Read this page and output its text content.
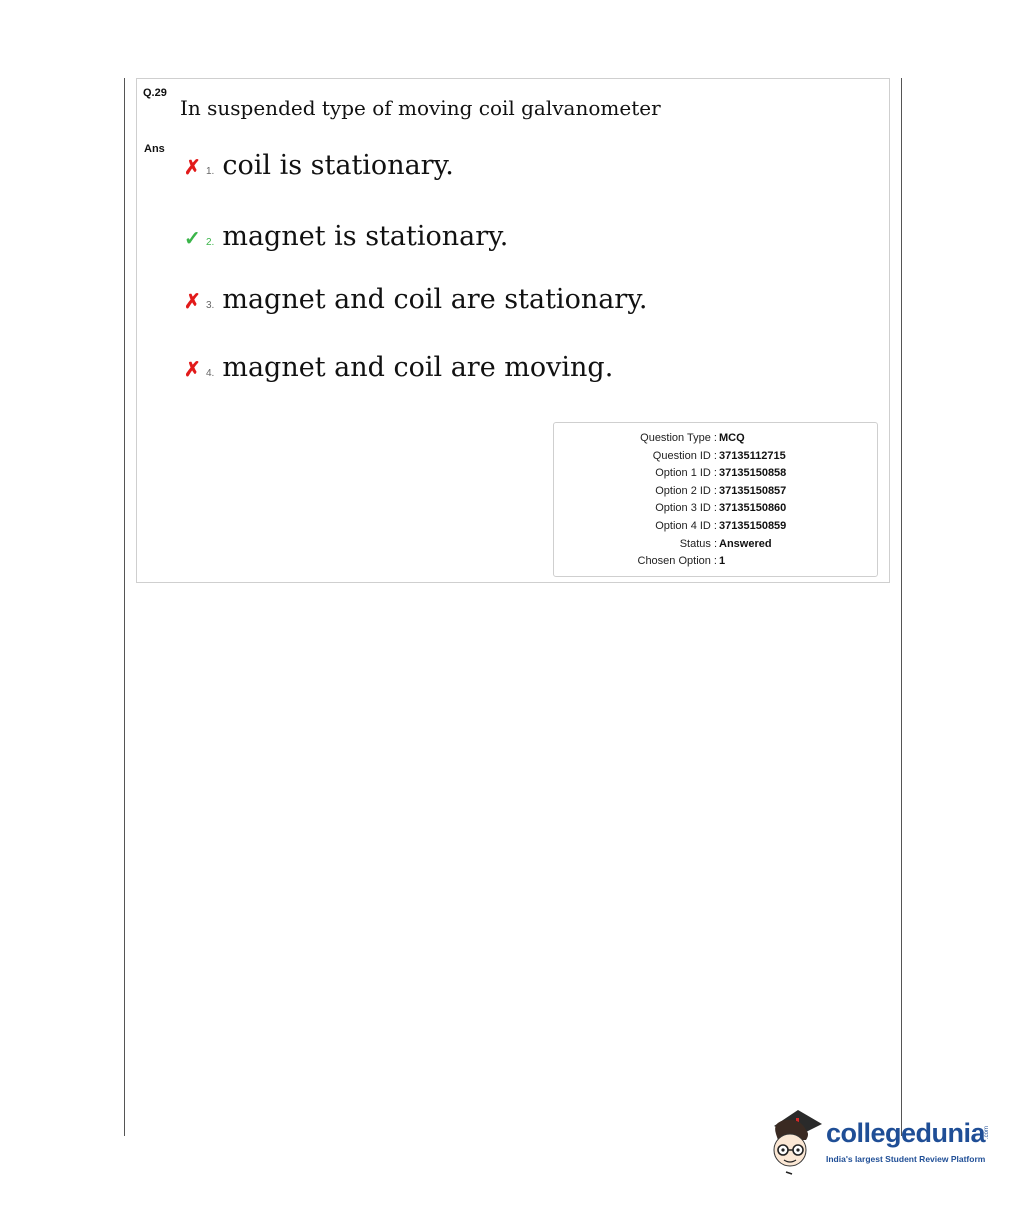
Q.29
In suspended type of moving coil galvanometer
Ans
✗ 1. coil is stationary.
✓ 2. magnet is stationary.
✗ 3. magnet and coil are stationary.
✗ 4. magnet and coil are moving.
Question Type : MCQ
Question ID : 37135112715
Option 1 ID : 37135150858
Option 2 ID : 37135150857
Option 3 ID : 37135150860
Option 4 ID : 37135150859
Status : Answered
Chosen Option : 1
collegedunia
.com
India's largest Student Review Platform
